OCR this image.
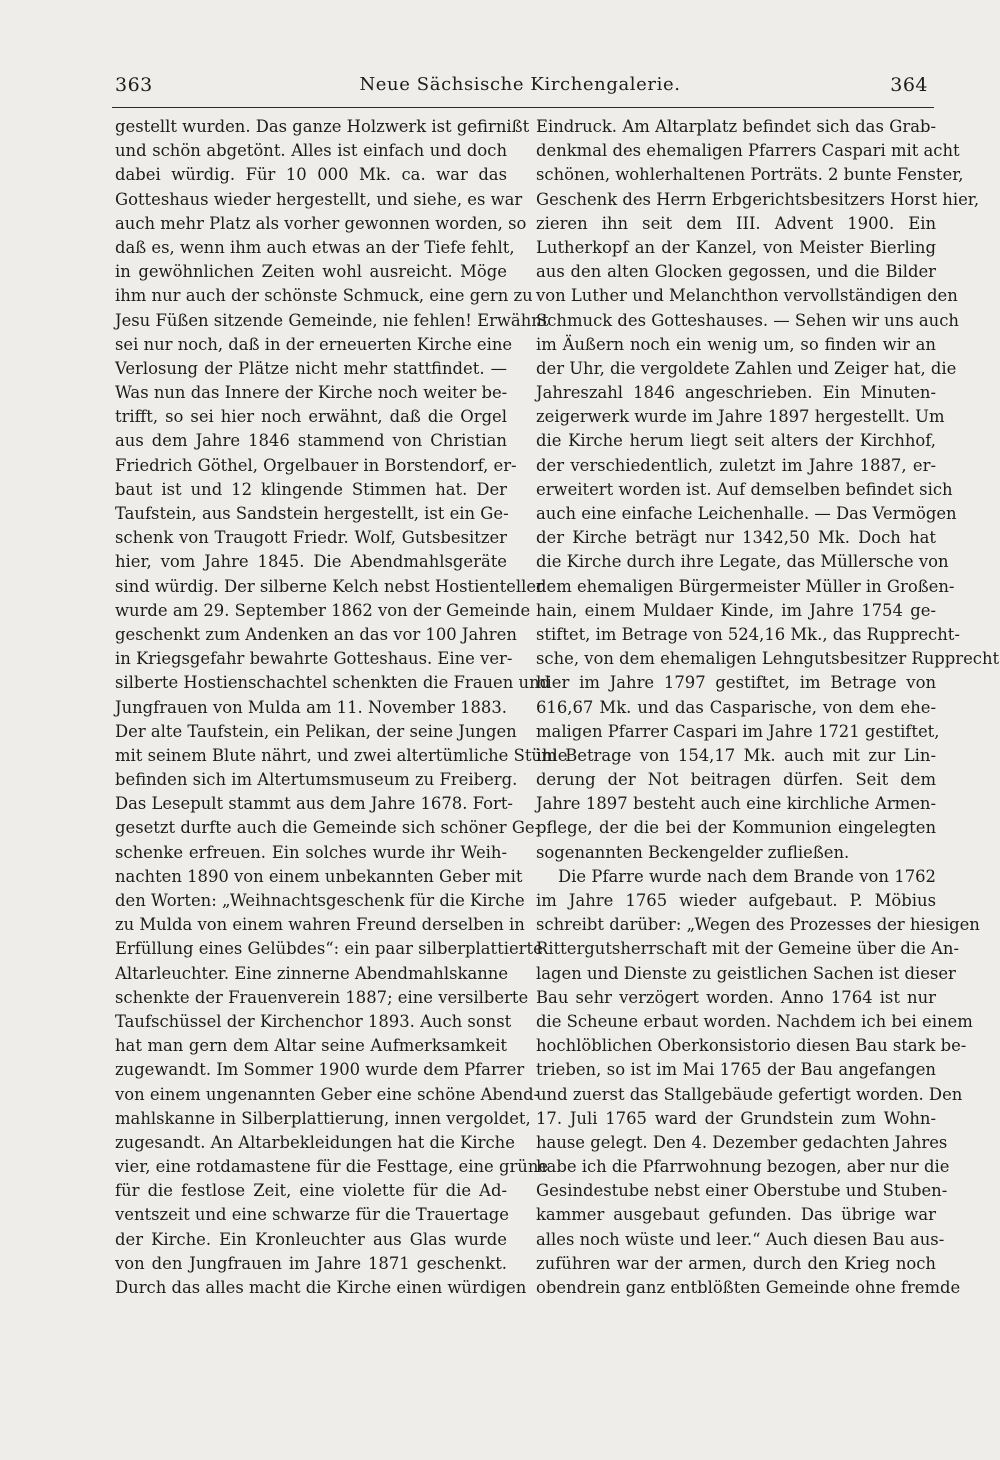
363	Neue Sächsische Kirchengalerie.	364
gestellt wurden. Das ganze Holzwerk ist gefirnißt
und schön abgetönt. Alles ist einfach und doch
dabei würdig. Für 10 000 Mk. ca. war das
Gotteshaus wieder hergestellt, und siehe, es war
auch mehr Platz als vorher gewonnen worden, so
daß es, wenn ihm auch etwas an der Tiefe fehlt,
in gewöhnlichen Zeiten wohl ausreicht. Möge
ihm nur auch der schönste Schmuck, eine gern zu
Jesu Füßen sitzende Gemeinde, nie fehlen! Erwähnt
sei nur noch, daß in der erneuerten Kirche eine
Verlosung der Plätze nicht mehr stattfindet. —
Was nun das Innere der Kirche noch weiter be-
trifft, so sei hier noch erwähnt, daß die Orgel
aus dem Jahre 1846 stammend von Christian
Friedrich Göthel, Orgelbauer in Borstendorf, er-
baut ist und 12 klingende Stimmen hat. Der
Taufstein, aus Sandstein hergestellt, ist ein Ge-
schenk von Traugott Friedr. Wolf, Gutsbesitzer
hier, vom Jahre 1845. Die Abendmahlsgeräte
sind würdig. Der silberne Kelch nebst Hostienteller
wurde am 29. September 1862 von der Gemeinde
geschenkt zum Andenken an das vor 100 Jahren
in Kriegsgefahr bewahrte Gotteshaus. Eine ver-
silberte Hostienschachtel schenkten die Frauen und
Jungfrauen von Mulda am 11. November 1883.
Der alte Taufstein, ein Pelikan, der seine Jungen
mit seinem Blute nährt, und zwei altertümliche Stühle
befinden sich im Altertumsmuseum zu Freiberg.
Das Lesepult stammt aus dem Jahre 1678. Fort-
gesetzt durfte auch die Gemeinde sich schöner Ge-
schenke erfreuen. Ein solches wurde ihr Weih-
nachten 1890 von einem unbekannten Geber mit
den Worten: „Weihnachtsgeschenk für die Kirche
zu Mulda von einem wahren Freund derselben in
Erfüllung eines Gelübdes“: ein paar silberplattierte
Altarleuchter. Eine zinnerne Abendmahlskanne
schenkte der Frauenverein 1887; eine versilberte
Taufschüssel der Kirchenchor 1893. Auch sonst
hat man gern dem Altar seine Aufmerksamkeit
zugewandt. Im Sommer 1900 wurde dem Pfarrer
von einem ungenannten Geber eine schöne Abend-
mahlskanne in Silberplattierung, innen vergoldet,
zugesandt. An Altarbekleidungen hat die Kirche
vier, eine rotdamastene für die Festtage, eine grüne
für die festlose Zeit, eine violette für die Ad-
ventszeit und eine schwarze für die Trauertage
der Kirche. Ein Kronleuchter aus Glas wurde
von den Jungfrauen im Jahre 1871 geschenkt.
Durch das alles macht die Kirche einen würdigen
Eindruck. Am Altarplatz befindet sich das Grab-
denkmal des ehemaligen Pfarrers Caspari mit acht
schönen, wohlerhaltenen Porträts. 2 bunte Fenster,
Geschenk des Herrn Erbgerichtsbesitzers Horst hier,
zieren ihn seit dem III. Advent 1900. Ein
Lutherkopf an der Kanzel, von Meister Bierling
aus den alten Glocken gegossen, und die Bilder
von Luther und Melanchthon vervollständigen den
Schmuck des Gotteshauses. — Sehen wir uns auch
im Äußern noch ein wenig um, so finden wir an
der Uhr, die vergoldete Zahlen und Zeiger hat, die
Jahreszahl 1846 angeschrieben. Ein Minuten-
zeigerwerk wurde im Jahre 1897 hergestellt. Um
die Kirche herum liegt seit alters der Kirchhof,
der verschiedentlich, zuletzt im Jahre 1887, er-
erweitert worden ist. Auf demselben befindet sich
auch eine einfache Leichenhalle. — Das Vermögen
der Kirche beträgt nur 1342,50 Mk. Doch hat
die Kirche durch ihre Legate, das Müllersche von
dem ehemaligen Bürgermeister Müller in Großen-
hain, einem Muldaer Kinde, im Jahre 1754 ge-
stiftet, im Betrage von 524,16 Mk., das Rupprecht-
sche, von dem ehemaligen Lehngutsbesitzer Rupprecht
hier im Jahre 1797 gestiftet, im Betrage von
616,67 Mk. und das Casparische, von dem ehe-
maligen Pfarrer Caspari im Jahre 1721 gestiftet,
im Betrage von 154,17 Mk. auch mit zur Lin-
derung der Not beitragen dürfen. Seit dem
Jahre 1897 besteht auch eine kirchliche Armen-
pflege, der die bei der Kommunion eingelegten
sogenannten Beckengelder zufließen.
Die Pfarre wurde nach dem Brande von 1762
im Jahre 1765 wieder aufgebaut. P. Möbius
schreibt darüber: „Wegen des Prozesses der hiesigen
Rittergutsherrschaft mit der Gemeine über die An-
lagen und Dienste zu geistlichen Sachen ist dieser
Bau sehr verzögert worden. Anno 1764 ist nur
die Scheune erbaut worden. Nachdem ich bei einem
hochlöblichen Oberkonsistorio diesen Bau stark be-
trieben, so ist im Mai 1765 der Bau angefangen
und zuerst das Stallgebäude gefertigt worden. Den
17. Juli 1765 ward der Grundstein zum Wohn-
hause gelegt. Den 4. Dezember gedachten Jahres
habe ich die Pfarrwohnung bezogen, aber nur die
Gesindestube nebst einer Oberstube und Stuben-
kammer ausgebaut gefunden. Das übrige war
alles noch wüste und leer.“ Auch diesen Bau aus-
zuführen war der armen, durch den Krieg noch
obendrein ganz entblößten Gemeinde ohne fremde
